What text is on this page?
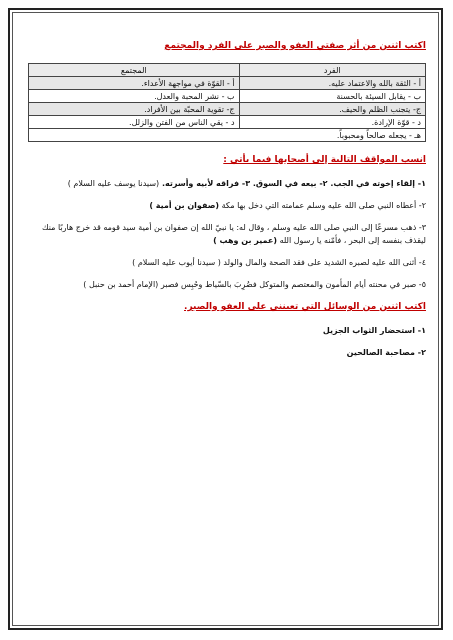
اكتب اثنين من أثر صفتي العفو والصبر على الفرد والمجتمع
الفرد	المجتمع
أ - الثقة بالله والاعتماد عليه.	أ - القوّة في مواجهة الأعداء.
ب - يقابل السيئة بالحسنة	ب - نشر المحبة والعدل.
ج- يتجنب الظلم والحيف.	ج- تقوية المحبّة بين الأفراد.
د - قوّة الإرادة.	د - يقي الناس من الفتن والزلل.
هـ - يجعله صالحاً ومحبوباً.	
انسب المواقف التالية إلى أصحابها فيما يأتي :
١- إلقاء إخوته في الجب. ٢- بيعه في السوق. ٣- فراقه لأبيه وأسرته. (سيدنا يوسف عليه السلام )
٢- أعطاه النبي صلى الله عليه وسلم عمامته التي دخل بها مكة (صفوان بن أمية )
٣- ذهب مسرعًا إلى النبي صلى الله عليه وسلم ، وقال له: يا نبيّ الله إن صفوان بن أمية سيد قومه قد خرج هاربًا منك ليقذف بنفسه إلى البحر ، فأمّنه يا رسول الله (عمير بن وهب )
٤- أثنى الله عليه لصبره الشديد على فقد الصحة والمال والولد ( سيدنا أيوب عليه السلام )
٥- صبر في محنته أيام المأمون والمعتصم والمتوكل فضُرِبَ بالسّياط وحُبِس فصبر (الإمام أحمد بن حنبل )
اكتب اثنين من الوسائل التي تعينني على العفو والصبر.
١- استحضار الثواب الجزيل
٢- مصاحبة الصالحين
